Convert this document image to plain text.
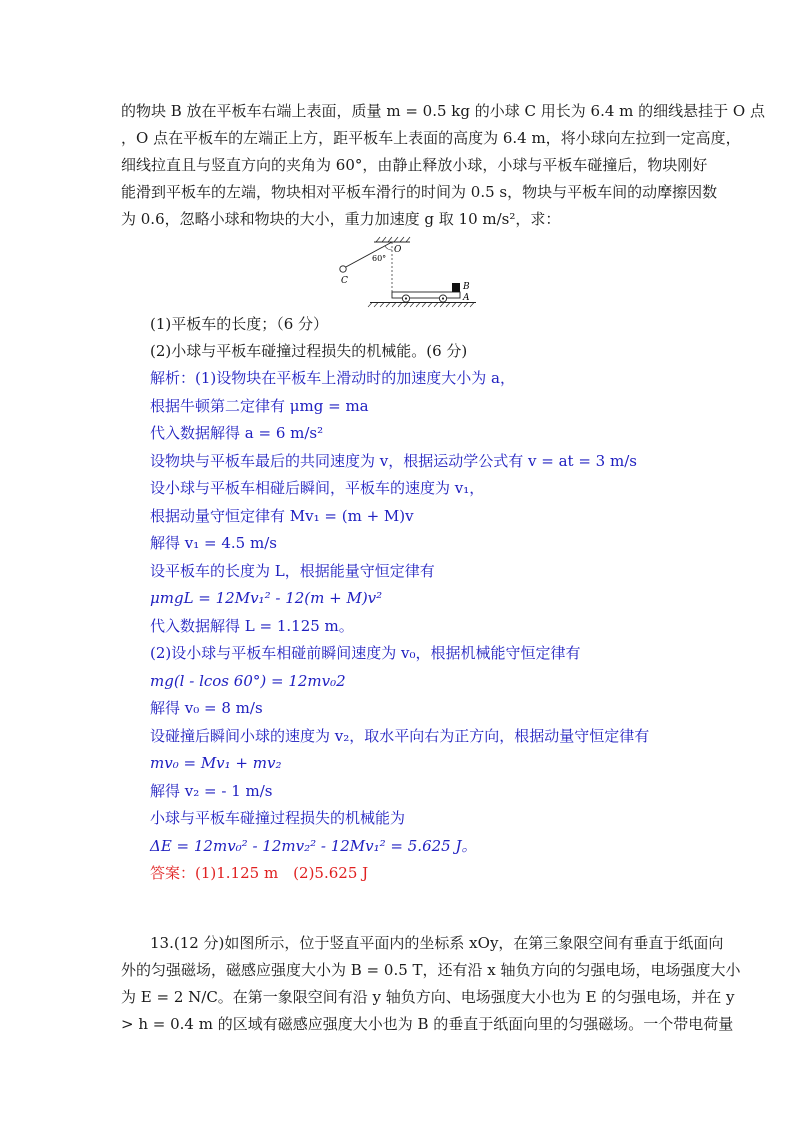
的物块 B 放在平板车右端上表面，质量 m = 0.5 kg 的小球 C 用长为 6.4 m 的细线悬挂于 O 点
，O 点在平板车的左端正上方，距平板车上表面的高度为 6.4 m，将小球向左拉到一定高度，
细线拉直且与竖直方向的夹角为 60°，由静止释放小球，小球与平板车碰撞后，物块刚好
能滑到平板车的左端，物块相对平板车滑行的时间为 0.5 s，物块与平板车间的动摩擦因数
为 0.6，忽略小球和物块的大小，重力加速度 g 取 10 m/s²，求：
60°
O
C
B
A
(1)平板车的长度；（6 分）
(2)小球与平板车碰撞过程损失的机械能。(6 分)
解析：(1)设物块在平板车上滑动时的加速度大小为 a，
根据牛顿第二定律有 μmg = ma
代入数据解得 a = 6 m/s²
设物块与平板车最后的共同速度为 v，根据运动学公式有 v = at = 3 m/s
设小球与平板车相碰后瞬间，平板车的速度为 v₁，
根据动量守恒定律有 Mv₁ = (m + M)v
解得 v₁ = 4.5 m/s
设平板车的长度为 L，根据能量守恒定律有
μmgL = 12Mv₁² - 12(m + M)v²
代入数据解得 L = 1.125 m。
(2)设小球与平板车相碰前瞬间速度为 v₀，根据机械能守恒定律有
mg(l - lcos 60°) = 12mv₀2
解得 v₀ = 8 m/s
设碰撞后瞬间小球的速度为 v₂，取水平向右为正方向，根据动量守恒定律有
mv₀ = Mv₁ + mv₂
解得 v₂ = - 1 m/s
小球与平板车碰撞过程损失的机械能为
ΔE = 12mv₀² - 12mv₂² - 12Mv₁² = 5.625 J。
答案：(1)1.125 m　(2)5.625 J
13.(12 分)如图所示，位于竖直平面内的坐标系 xOy，在第三象限空间有垂直于纸面向
外的匀强磁场，磁感应强度大小为 B = 0.5 T，还有沿 x 轴负方向的匀强电场，电场强度大小
为 E = 2 N/C。在第一象限空间有沿 y 轴负方向、电场强度大小也为 E 的匀强电场，并在 y
> h = 0.4 m 的区域有磁感应强度大小也为 B 的垂直于纸面向里的匀强磁场。一个带电荷量
